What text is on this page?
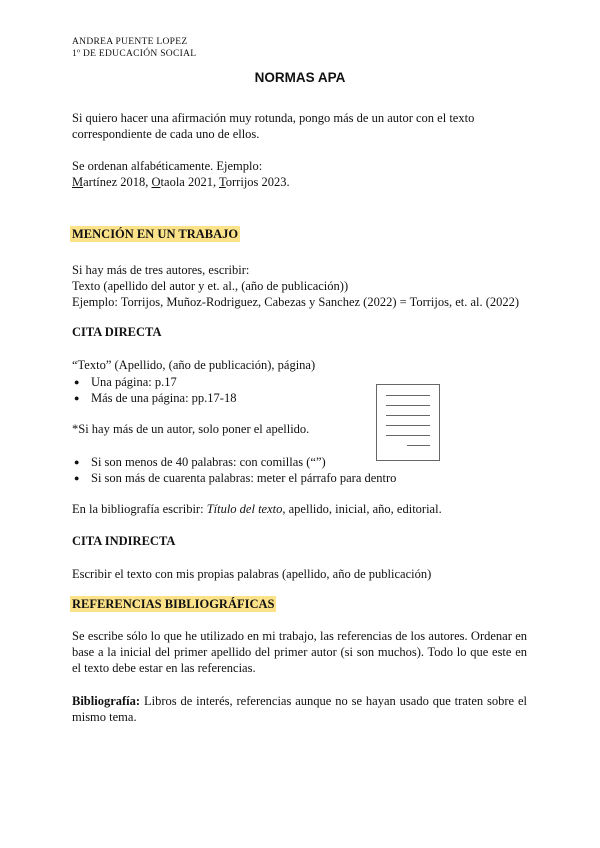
ANDREA PUENTE LOPEZ
1º DE EDUCACIÓN SOCIAL
NORMAS APA
Si quiero hacer una afirmación muy rotunda, pongo más de un autor con el texto
correspondiente de cada uno de ellos.
Se ordenan alfabéticamente. Ejemplo:
Martínez 2018, Otaola 2021, Torrijos 2023.
MENCIÓN EN UN TRABAJO
Si hay más de tres autores, escribir:
Texto (apellido del autor y et. al., (año de publicación))
Ejemplo: Torrijos, Muñoz-Rodriguez, Cabezas y Sanchez (2022) = Torrijos, et. al. (2022)
CITA DIRECTA
“Texto” (Apellido, (año de publicación), página)
● Una página: p.17
● Más de una página: pp.17-18
*Si hay más de un autor, solo poner el apellido.
● Si son menos de 40 palabras: con comillas (“”)
● Si son más de cuarenta palabras: meter el párrafo para dentro
En la bibliografía escribir: Título del texto, apellido, inicial, año, editorial.
CITA INDIRECTA
Escribir el texto con mis propias palabras (apellido, año de publicación)
REFERENCIAS BIBLIOGRÁFICAS
Se escribe sólo lo que he utilizado en mi trabajo, las referencias de los autores. Ordenar en base a la inicial del primer apellido del primer autor (si son muchos). Todo lo que este en el texto debe estar en las referencias.
Bibliografía: Libros de interés, referencias aunque no se hayan usado que traten sobre el mismo tema.
